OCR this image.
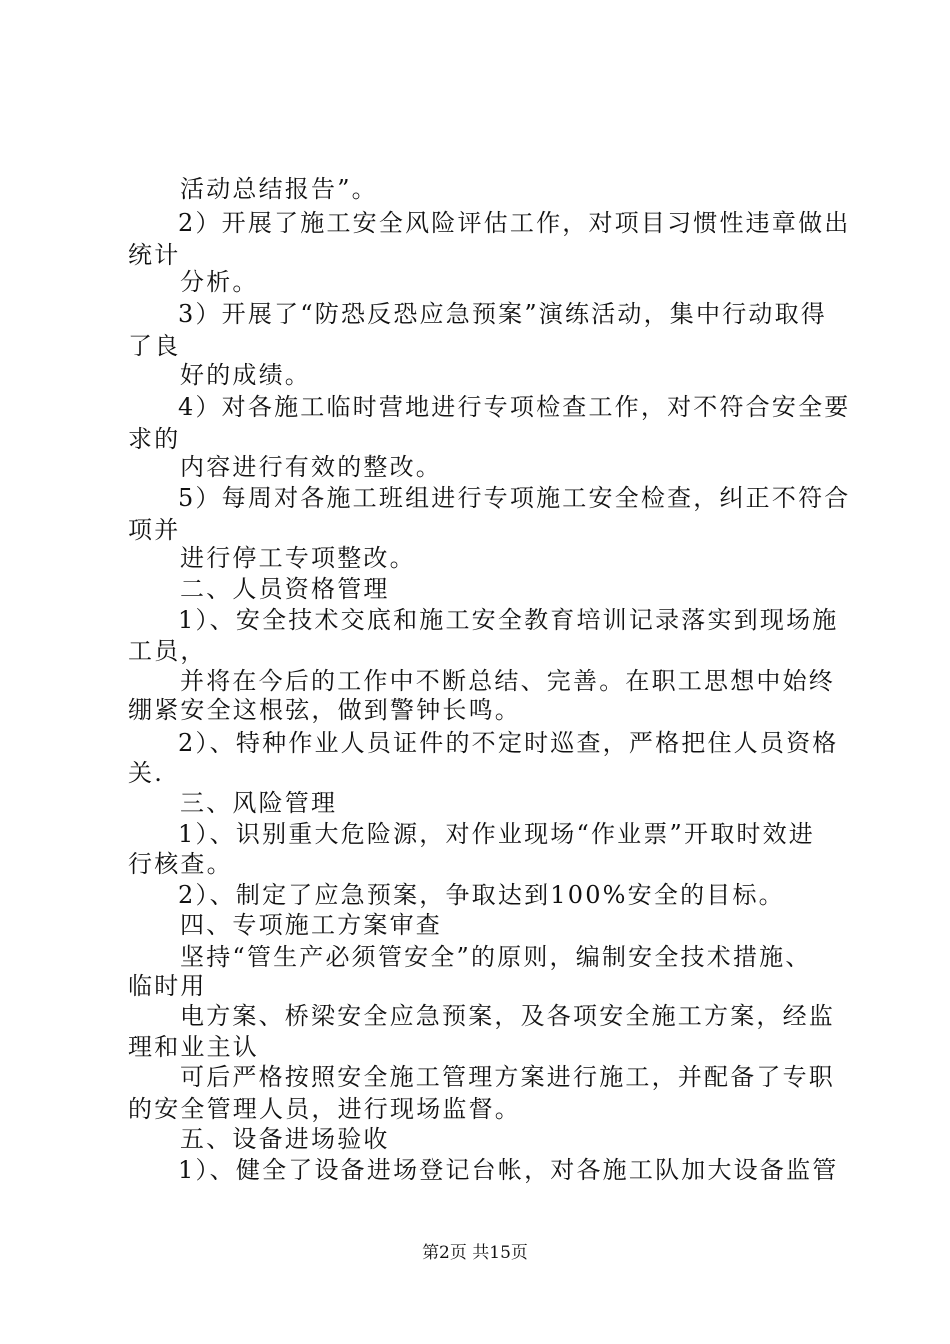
活动总结报告”。
2）开展了施工安全风险评估工作，对项目习惯性违章做出
统计
分析。
3）开展了“防恐反恐应急预案”演练活动，集中行动取得
了良
好的成绩。
4）对各施工临时营地进行专项检查工作，对不符合安全要
求的
内容进行有效的整改。
5）每周对各施工班组进行专项施工安全检查，纠正不符合
项并
进行停工专项整改。
二、人员资格管理
1）、安全技术交底和施工安全教育培训记录落实到现场施
工员，
并将在今后的工作中不断总结、完善。在职工思想中始终
绷紧安全这根弦，做到警钟长鸣。
2）、特种作业人员证件的不定时巡查，严格把住人员资格
关.
三、风险管理
1）、识别重大危险源，对作业现场“作业票”开取时效进
行核查。
2）、制定了应急预案，争取达到100%安全的目标。
四、专项施工方案审查
坚持“管生产必须管安全”的原则，编制安全技术措施、
临时用
电方案、桥梁安全应急预案，及各项安全施工方案，经监
理和业主认
可后严格按照安全施工管理方案进行施工，并配备了专职
的安全管理人员，进行现场监督。
五、设备进场验收
1）、健全了设备进场登记台帐，对各施工队加大设备监管
第2页 共15页
